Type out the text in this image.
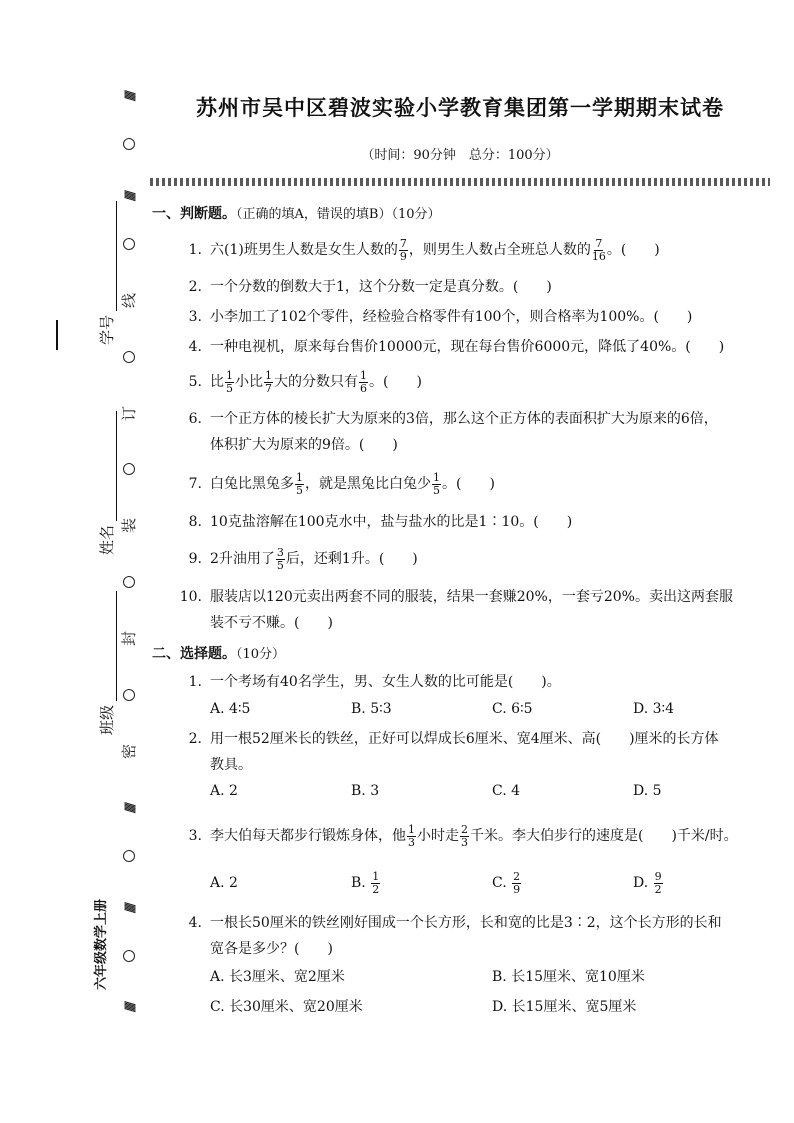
学号
姓名
班级
六年级数学上册
//////
//////
线
订
装
封
密
//////
//////
//////
苏州市吴中区碧波实验小学教育集团第一学期期末试卷
（时间：90分钟　总分：100分）
一、判断题。（正确的填A，错误的填B）（10分）
1. 六(1)班男生人数是女生人数的 $\frac{7}{9}$ ，则男生人数占全班总人数的 $\frac{7}{16}$ 。(　　)
2. 一个分数的倒数大于1，这个分数一定是真分数。(　　)
3. 小李加工了102个零件，经检验合格零件有100个，则合格率为100%。(　　)
4. 一种电视机，原来每台售价10000元，现在每台售价6000元，降低了40%。(　　)
5. 比 $\frac{1}{5}$ 小比 $\frac{1}{7}$ 大的分数只有 $\frac{1}{6}$ 。(　　)
6. 一个正方体的棱长扩大为原来的3倍，那么这个正方体的表面积扩大为原来的6倍，
体积扩大为原来的9倍。(　　)
7. 白兔比黑兔多 $\frac{1}{5}$ ，就是黑兔比白兔少 $\frac{1}{5}$ 。(　　)
8. 10克盐溶解在100克水中，盐与盐水的比是1∶10。(　　)
9. 2升油用了 $\frac{3}{5}$ 后，还剩1升。(　　)
10. 服装店以120元卖出两套不同的服装，结果一套赚20%，一套亏20%。卖出这两套服
装不亏不赚。(　　)
二、选择题。（10分）
1. 一个考场有40名学生，男、女生人数的比可能是(　　)。
A. 4∶5	B. 5∶3	C. 6∶5	D. 3∶4
2. 用一根52厘米长的铁丝，正好可以焊成长6厘米、宽4厘米、高(　　)厘米的长方体
教具。
A. 2	B. 3	C. 4	D. 5
3. 李大伯每天都步行锻炼身体，他 $\frac{1}{3}$ 小时走 $\frac{2}{3}$ 千米。李大伯步行的速度是(　　)千米/时。
A. 2	B. $\frac{1}{2}$	C. $\frac{2}{9}$	D. $\frac{9}{2}$
4. 一根长50厘米的铁丝刚好围成一个长方形，长和宽的比是3∶2，这个长方形的长和
宽各是多少？(　　)
A. 长3厘米、宽2厘米	B. 长15厘米、宽10厘米
C. 长30厘米、宽20厘米	D. 长15厘米、宽5厘米
